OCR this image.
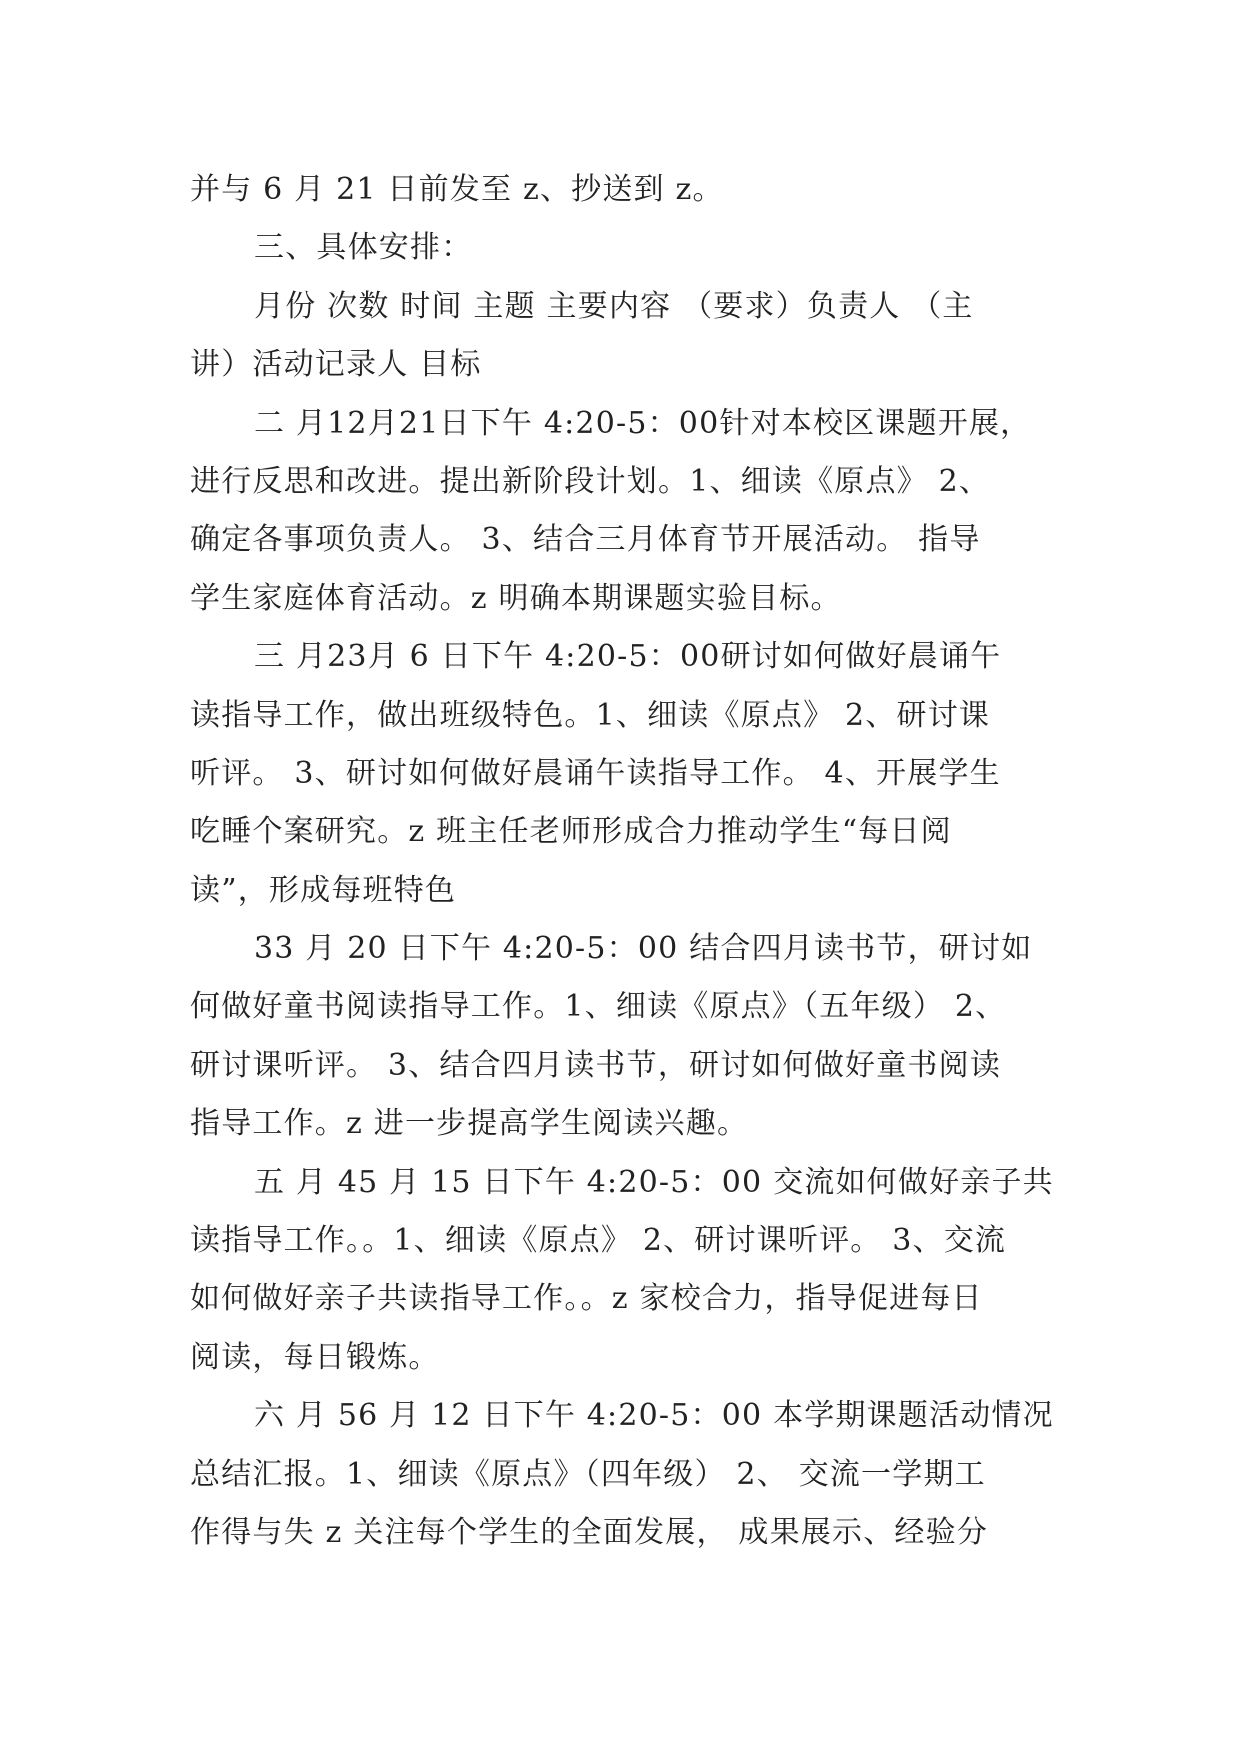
并与 6 月 21 日前发至 z、抄送到 z。
三、具体安排：
月份 次数 时间 主题 主要内容 （要求）负责人 （主
讲）活动记录人 目标
二 月12月21日下午 4:20-5：00针对本校区课题开展，
进行反思和改进。提出新阶段计划。1、细读《原点》 2、
确定各事项负责人。 3、结合三月体育节开展活动。 指导
学生家庭体育活动。z 明确本期课题实验目标。
三 月23月 6 日下午 4:20-5：00研讨如何做好晨诵午
读指导工作，做出班级特色。1、细读《原点》 2、研讨课
听评。 3、研讨如何做好晨诵午读指导工作。 4、开展学生
吃睡个案研究。z 班主任老师形成合力推动学生“每日阅
读”，形成每班特色
33 月 20 日下午 4:20-5：00 结合四月读书节，研讨如
何做好童书阅读指导工作。1、细读《原点》（五年级） 2、
研讨课听评。 3、结合四月读书节，研讨如何做好童书阅读
指导工作。z 进一步提高学生阅读兴趣。
五 月 45 月 15 日下午 4:20-5：00 交流如何做好亲子共
读指导工作。。1、细读《原点》 2、研讨课听评。 3、交流
如何做好亲子共读指导工作。。z 家校合力，指导促进每日
阅读，每日锻炼。
六 月 56 月 12 日下午 4:20-5：00 本学期课题活动情况
总结汇报。1、细读《原点》（四年级） 2、 交流一学期工
作得与失 z 关注每个学生的全面发展， 成果展示、经验分
